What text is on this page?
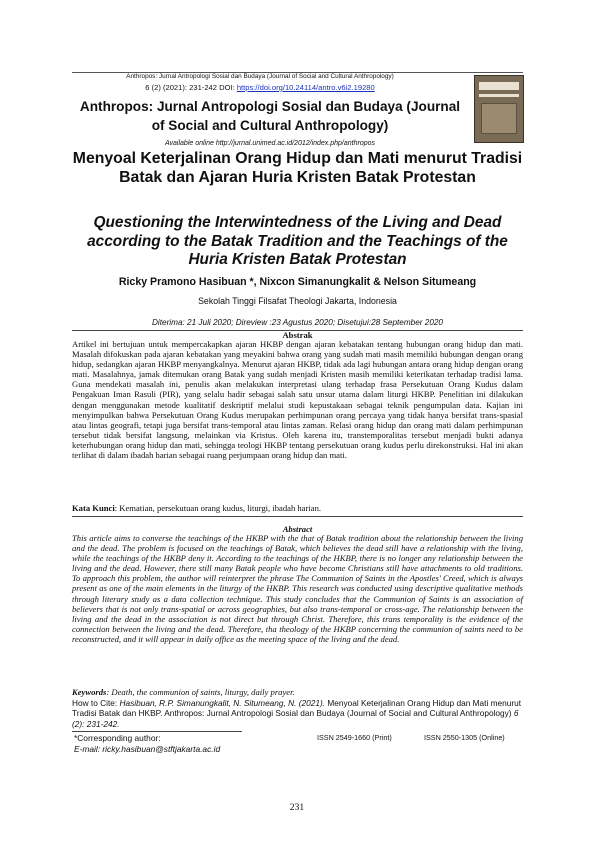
Anthropos: Jurnal Antropologi Sosial dan Budaya (Journal of Social and Cultural Anthropology)
6 (2) (2021): 231-242 DOI: https://doi.org/10.24114/antro.v6i2.19280
Anthropos: Jurnal Antropologi Sosial dan Budaya (Journal of Social and Cultural Anthropology)
Available online http://jurnal.unimed.ac.id/2012/index.php/anthropos
Menyoal Keterjalinan Orang Hidup dan Mati menurut Tradisi Batak dan Ajaran Huria Kristen Batak Protestan
Questioning the Interwintedness of the Living and Dead according to the Batak Tradition and the Teachings of the Huria Kristen Batak Protestan
Ricky Pramono Hasibuan *, Nixcon Simanungkalit & Nelson Situmeang
Sekolah Tinggi Filsafat Theologi Jakarta, Indonesia
Diterima: 21 Juli 2020; Direview :23 Agustus 2020; Disetujui:28 September 2020
Abstrak
Artikel ini bertujuan untuk mempercakapkan ajaran HKBP dengan ajaran kebatakan tentang hubungan orang hidup dan mati. Masalah difokuskan pada ajaran kebatakan yang meyakini bahwa orang yang sudah mati masih memiliki hubungan dengan orang hidup, sedangkan ajaran HKBP menyangkalnya. Menurut ajaran HKBP, tidak ada lagi hubungan antara orang hidup dengan orang mati. Masalahnya, jamak ditemukan orang Batak yang sudah menjadi Kristen masih memiliki keterikatan terhadap tradisi lama. Guna mendekati masalah ini, penulis akan melakukan interpretasi ulang terhadap frasa Persekutuan Orang Kudus dalam Pengakuan Iman Rasuli (PIR), yang selalu hadir sebagai salah satu unsur utama dalam liturgi HKBP. Penelitian ini dilakukan dengan menggunakan metode kualitatif deskriptif melalui studi kepustakaan sebagai teknik pengumpulan data. Kajian ini menyimpulkan bahwa Persekutuan Orang Kudus merupakan perhimpunan orang percaya yang tidak hanya bersifat trans-spasial atau lintas geografi, tetapi juga bersifat trans-temporal atau lintas zaman. Relasi orang hidup dan orang mati dalam perhimpunan tersebut tidak bersifat langsung, melainkan via Kristus. Oleh karena itu, transtemporalitas tersebut menjadi bukti adanya keterhubungan orang hidup dan mati, sehingga teologi HKBP tentang persekutuan orang kudus perlu direkonstruksi. Hal ini akan terlihat di dalam ibadah harian sebagai ruang perjumpaan orang hidup dan mati.
Kata Kunci: Kematian, persekutuan orang kudus, liturgi, ibadah harian.
Abstract
This article aims to converse the teachings of the HKBP with the that of Batak tradition about the relationship between the living and the dead. The problem is focused on the teachings of Batak, which believes the dead still have a relationship with the living, while the teachings of the HKBP deny it. According to the teachings of the HKBP, there is no longer any relationship between the living and the dead. However, there still many Batak people who have become Christians still have attachments to old traditions. To approach this problem, the author will reinterpret the phrase The Communion of Saints in the Apostles' Creed, which is always present as one of the main elements in the liturgy of the HKBP. This research was conducted using descriptive qualitative methods through literary study as a data collection technique. This study concludes that the Communion of Saints is an association of believers that is not only trans-spatial or across geographies, but also trans-temporal or cross-age. The relationship between the living and the dead in the association is not direct but through Christ. Therefore, this trans temporality is the evidence of the connection between the living and the dead. Therefore, tha theology of the HKBP concerning the communion of saints need to be reconstructed, and it will appear in daily office as the meeting space of the living and the dead.
Keywords: Death, the communion of saints, liturgy, daily prayer.
How to Cite: Hasibuan, R.P. Simanungkalit, N. Situmeang, N. (2021). Menyoal Keterjalinan Orang Hidup dan Mati menurut Tradisi Batak dan HKBP. Anthropos: Jurnal Antropologi Sosial dan Budaya (Journal of Social and Cultural Anthropology) 6 (2): 231-242.
*Corresponding author:
E-mail: ricky.hasibuan@stftjakarta.ac.id
ISSN 2549-1660 (Print)	ISSN 2550-1305 (Online)
231
